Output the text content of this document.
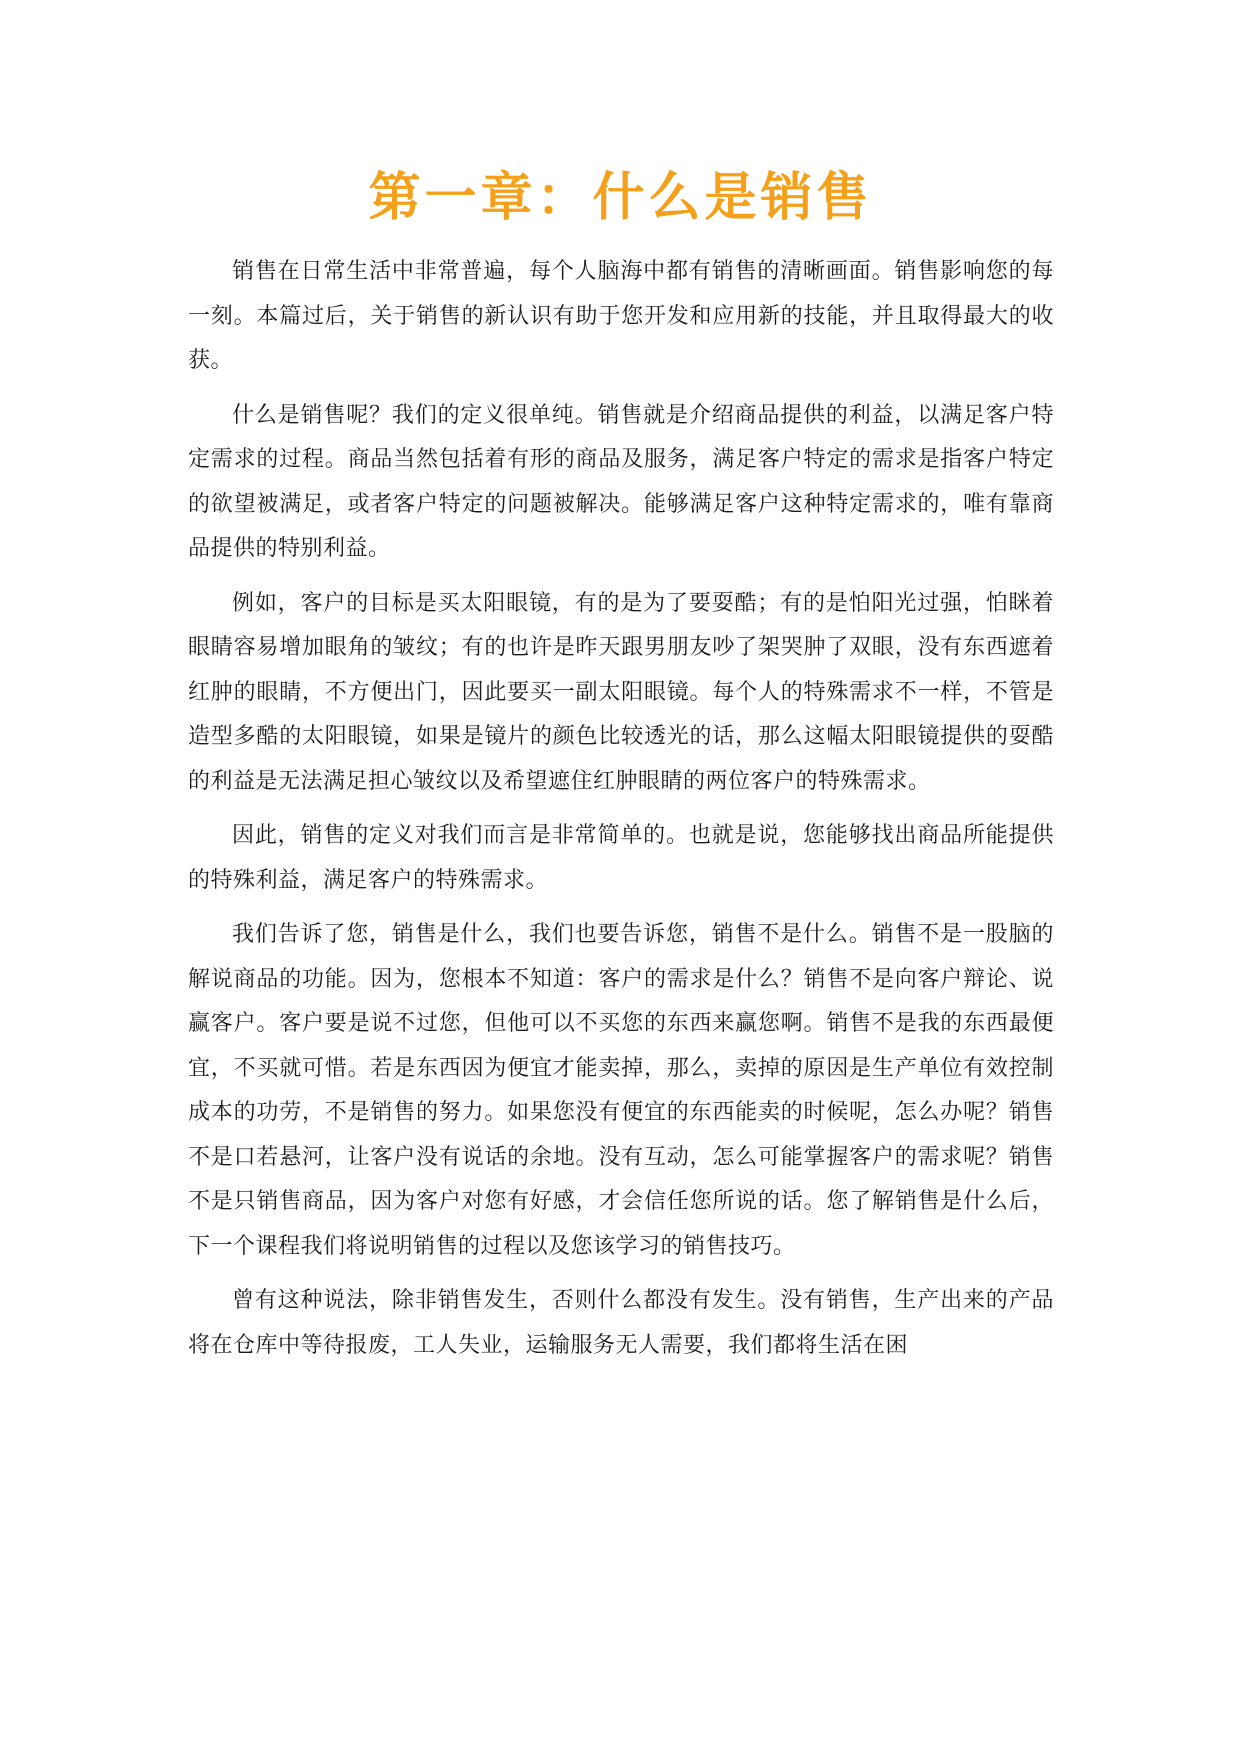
第一章：什么是销售

销售在日常生活中非常普遍，每个人脑海中都有销售的清晰画面。销售影响您的每一刻。本篇过后，关于销售的新认识有助于您开发和应用新的技能，并且取得最大的收获。

什么是销售呢？我们的定义很单纯。销售就是介绍商品提供的利益，以满足客户特定需求的过程。商品当然包括着有形的商品及服务，满足客户特定的需求是指客户特定的欲望被满足，或者客户特定的问题被解决。能够满足客户这种特定需求的，唯有靠商品提供的特别利益。

例如，客户的目标是买太阳眼镜，有的是为了要耍酷；有的是怕阳光过强，怕眯着眼睛容易增加眼角的皱纹；有的也许是昨天跟男朋友吵了架哭肿了双眼，没有东西遮着红肿的眼睛，不方便出门，因此要买一副太阳眼镜。每个人的特殊需求不一样，不管是造型多酷的太阳眼镜，如果是镜片的颜色比较透光的话，那么这幅太阳眼镜提供的耍酷的利益是无法满足担心皱纹以及希望遮住红肿眼睛的两位客户的特殊需求。

因此，销售的定义对我们而言是非常简单的。也就是说，您能够找出商品所能提供的特殊利益，满足客户的特殊需求。

我们告诉了您，销售是什么，我们也要告诉您，销售不是什么。销售不是一股脑的解说商品的功能。因为，您根本不知道：客户的需求是什么？销售不是向客户辩论、说赢客户。客户要是说不过您，但他可以不买您的东西来赢您啊。销售不是我的东西最便宜，不买就可惜。若是东西因为便宜才能卖掉，那么，卖掉的原因是生产单位有效控制成本的功劳，不是销售的努力。如果您没有便宜的东西能卖的时候呢，怎么办呢？销售不是口若悬河，让客户没有说话的余地。没有互动，怎么可能掌握客户的需求呢？销售不是只销售商品，因为客户对您有好感，才会信任您所说的话。您了解销售是什么后，下一个课程我们将说明销售的过程以及您该学习的销售技巧。

曾有这种说法，除非销售发生，否则什么都没有发生。没有销售，生产出来的产品将在仓库中等待报废，工人失业，运输服务无人需要，我们都将生活在困
